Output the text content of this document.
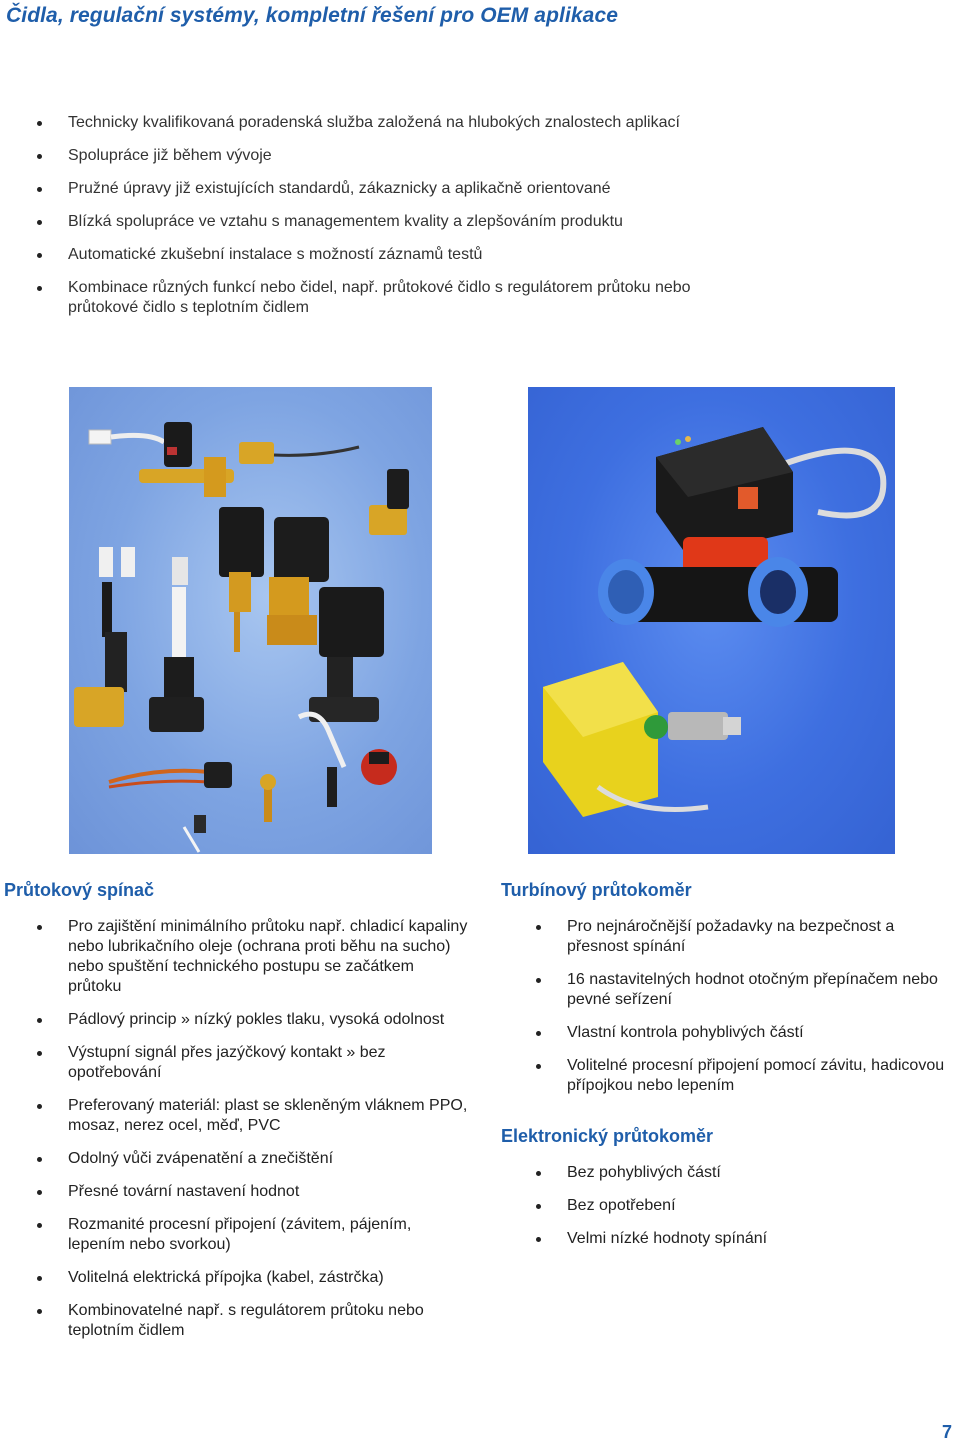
Čidla, regulační systémy, kompletní řešení pro OEM aplikace
Technicky kvalifikovaná poradenská služba založená na hlubokých znalostech aplikací
Spolupráce již během vývoje
Pružné úpravy již existujících standardů, zákaznicky a aplikačně orientované
Blízká spolupráce ve vztahu s managementem kvality a zlepšováním produktu
Automatické zkušební instalace s možností záznamů testů
Kombinace různých funkcí nebo čidel, např. průtokové čidlo s regulátorem průtoku nebo průtokové čidlo s teplotním čidlem
Průtokový spínač
Pro zajištění minimálního průtoku např. chladicí kapaliny nebo lubrikačního oleje (ochrana proti běhu na sucho) nebo spuštění technického postupu se začátkem průtoku
Pádlový princip » nízký pokles tlaku, vysoká odolnost
Výstupní signál přes jazýčkový kontakt » bez opotřebování
Preferovaný materiál: plast se skleněným vláknem PPO, mosaz, nerez ocel, měď, PVC
Odolný vůči zvápenatění a znečištění
Přesné tovární nastavení hodnot
Rozmanité procesní připojení (závitem, pájením, lepením nebo svorkou)
Volitelná elektrická přípojka (kabel, zástrčka)
Kombinovatelné např. s regulátorem průtoku nebo teplotním čidlem
Turbínový průtokoměr
Pro nejnáročnější požadavky na bezpečnost a přesnost spínání
16 nastavitelných hodnot otočným přepínačem nebo pevné seřízení
Vlastní kontrola pohyblivých částí
Volitelné procesní připojení pomocí závitu, hadicovou přípojkou nebo lepením
Elektronický průtokoměr
Bez pohyblivých částí
Bez opotřebení
Velmi nízké hodnoty spínání
7
